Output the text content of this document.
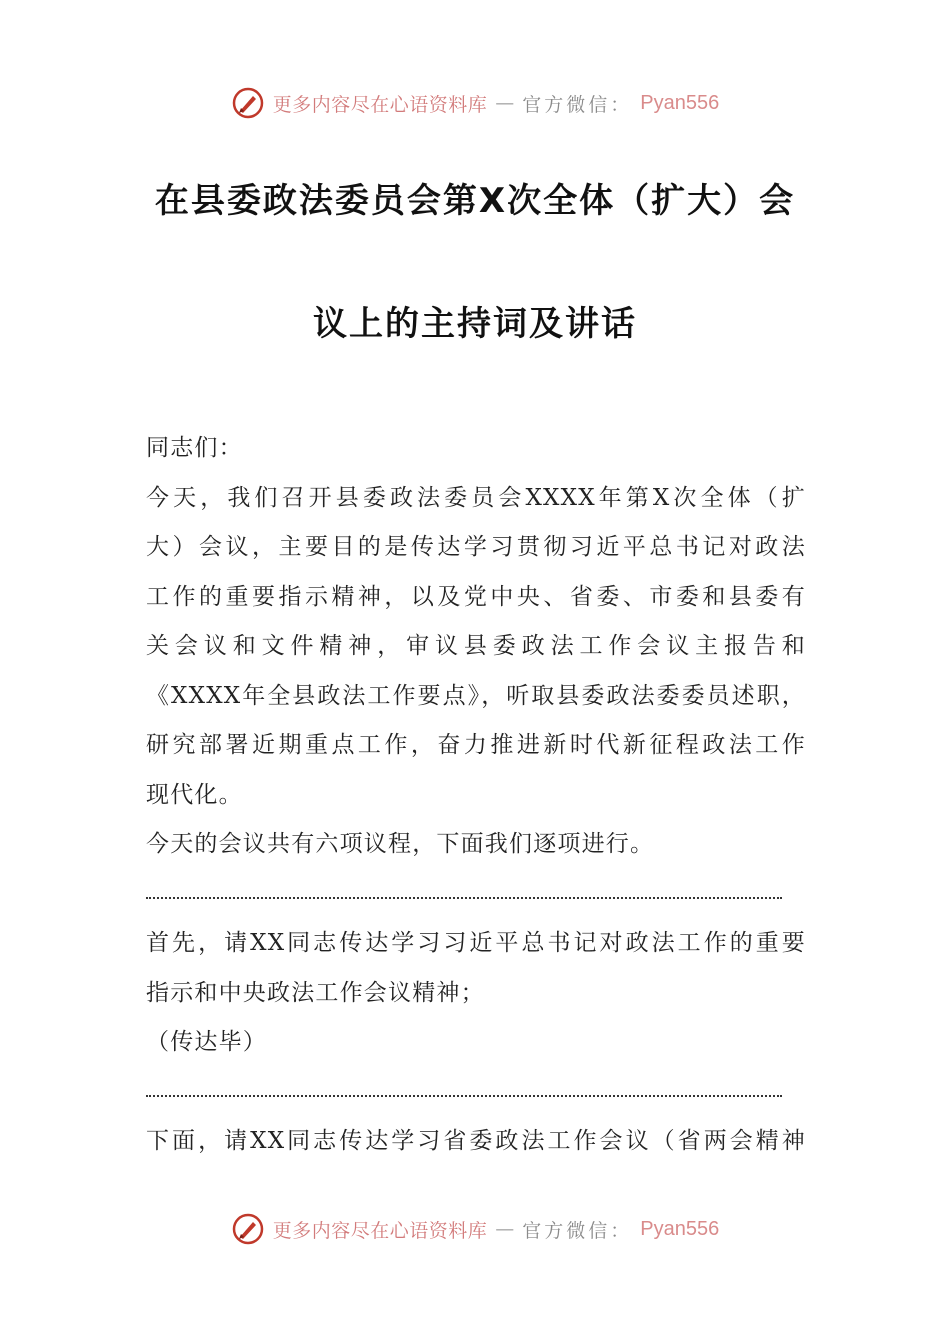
更多内容尽在心语资料库 — 官方微信： Pyan556
在县委政法委员会第X次全体（扩大）会
议上的主持词及讲话

同志们：

今天，我们召开县委政法委员会XXXX年第X次全体（扩

大）会议，主要目的是传达学习贯彻习近平总书记对政法

工作的重要指示精神，以及党中央、省委、市委和县委有

关会议和文件精神，审议县委政法工作会议主报告和

《XXXX年全县政法工作要点》，听取县委政法委委员述职，

研究部署近期重点工作，奋力推进新时代新征程政法工作

现代化。

今天的会议共有六项议程，下面我们逐项进行。

首先，请XX同志传达学习习近平总书记对政法工作的重要

指示和中央政法工作会议精神；

（传达毕）

下面，请XX同志传达学习省委政法工作会议（省两会精神

更多内容尽在心语资料库 — 官方微信： Pyan556
